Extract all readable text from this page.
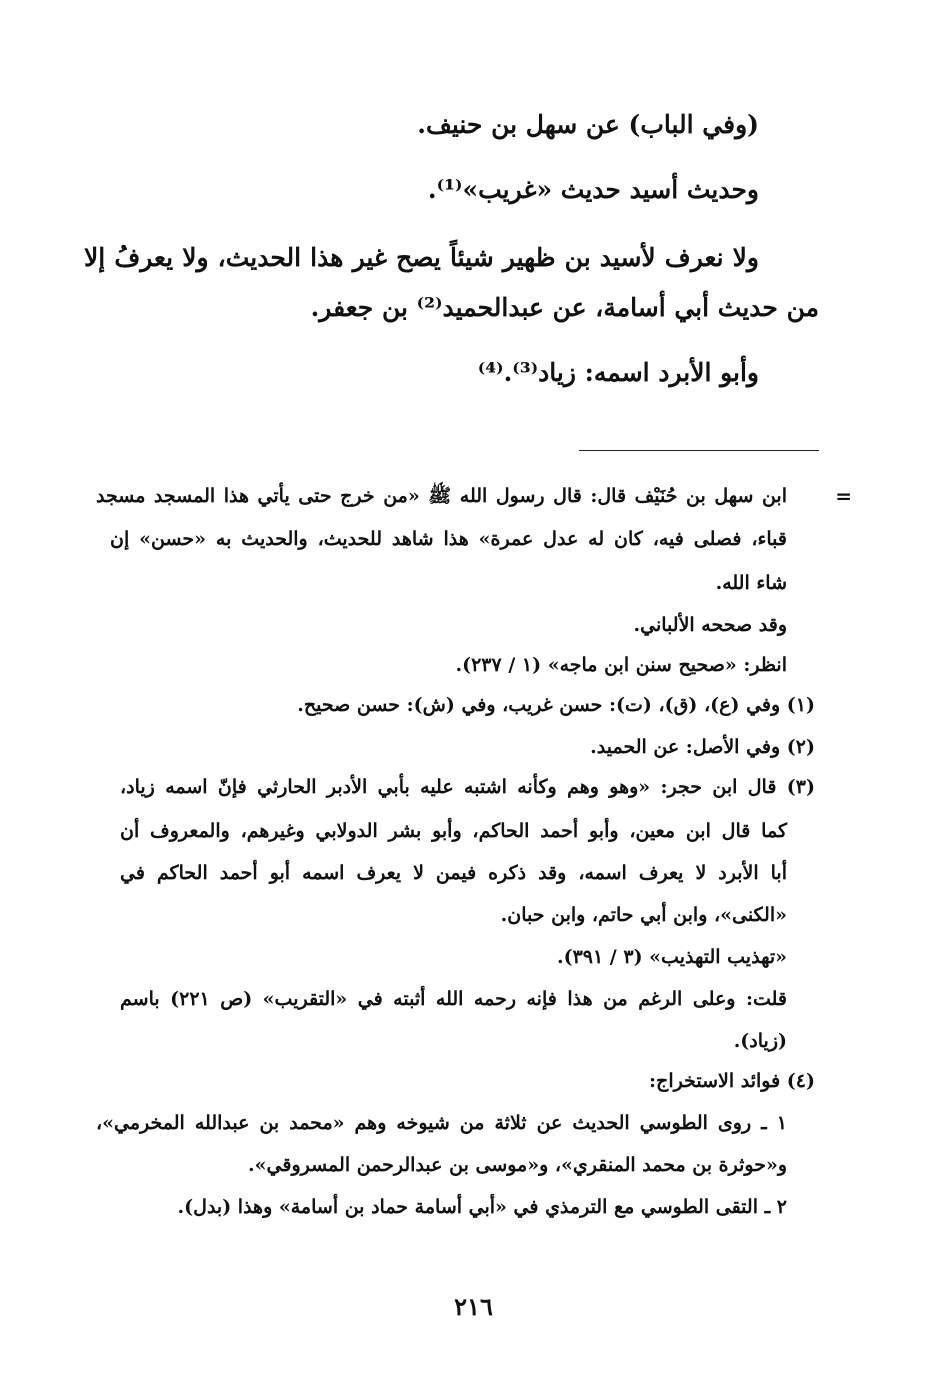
(وفي الباب) عن سهل بن حنيف.
وحديث أسيد حديث «غريب»⁽¹⁾.
ولا نعرف لأسيد بن ظهير شيئاً يصح غير هذا الحديث، ولا يعرفُ إلا
من حديث أبي أسامة، عن عبدالحميد⁽²⁾ بن جعفر.
وأبو الأبرد اسمه: زياد⁽³⁾.⁽⁴⁾
=
ابن سهل بن حُنَيْف قال: قال رسول الله ﷺ «من خرج حتى يأتي هذا المسجد مسجد
قباء، فصلى فيه، كان له عدل عمرة» هذا شاهد للحديث، والحديث به «حسن» إن
شاء الله.
وقد صححه الألباني.
انظر: «صحيح سنن ابن ماجه» (١ / ٢٣٧).
(١) وفي (ع)، (ق)، (ت): حسن غريب، وفي (ش): حسن صحيح.
(٢) وفي الأصل: عن الحميد.
(٣) قال ابن حجر: «وهو وهم وكأنه اشتبه عليه بأبي الأدبر الحارثي فإنّ اسمه زياد،
كما قال ابن معين، وأبو أحمد الحاكم، وأبو بشر الدولابي وغيرهم، والمعروف أن
أبا الأبرد لا يعرف اسمه، وقد ذكره فيمن لا يعرف اسمه أبو أحمد الحاكم في
«الكنى»، وابن أبي حاتم، وابن حبان.
«تهذيب التهذيب» (٣ / ٣٩١).
قلت: وعلى الرغم من هذا فإنه رحمه الله أثبته في «التقريب» (ص ٢٢١) باسم
(زياد).
(٤) فوائد الاستخراج:
١ ـ روى الطوسي الحديث عن ثلاثة من شيوخه وهم «محمد بن عبدالله المخرمي»،
و«حوثرة بن محمد المنقري»، و«موسى بن عبدالرحمن المسروقي».
٢ ـ التقى الطوسي مع الترمذي في «أبي أسامة حماد بن أسامة» وهذا (بدل).
٢١٦
